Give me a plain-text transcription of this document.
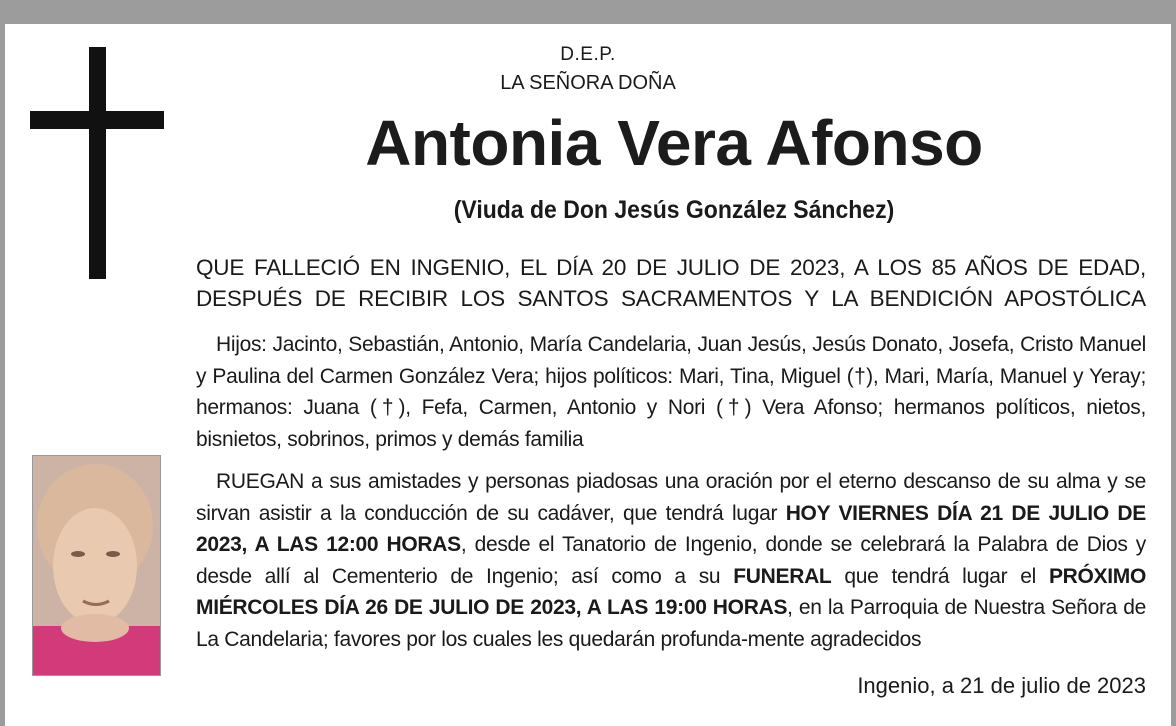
D.E.P.
LA SEÑORA DOÑA
Antonia Vera Afonso
(Viuda de Don Jesús González Sánchez)
QUE FALLECIÓ EN INGENIO, EL DÍA 20 DE JULIO DE 2023, A LOS 85 AÑOS DE EDAD,
DESPUÉS DE RECIBIR LOS SANTOS SACRAMENTOS Y LA BENDICIÓN APOSTÓLICA
Hijos: Jacinto, Sebastián, Antonio, María Candelaria, Juan Jesús, Jesús Donato, Josefa, Cristo Manuel y Paulina del Carmen González Vera; hijos políticos: Mari, Tina, Miguel (†), Mari, María, Manuel y Yeray; hermanos: Juana (†), Fefa, Carmen, Antonio y Nori (†) Vera Afonso; hermanos políticos, nietos, bisnietos, sobrinos, primos y demás familia
RUEGAN a sus amistades y personas piadosas una oración por el eterno descanso de su alma y se sirvan asistir a la conducción de su cadáver, que tendrá lugar HOY VIERNES DÍA 21 DE JULIO DE 2023, A LAS 12:00 HORAS, desde el Tanatorio de Ingenio, donde se celebrará la Palabra de Dios y desde allí al Cementerio de Ingenio; así como a su FUNERAL que tendrá lugar el PRÓXIMO MIÉRCOLES DÍA 26 DE JULIO DE 2023, A LAS 19:00 HORAS, en la Parroquia de Nuestra Señora de La Candelaria; favores por los cuales les quedarán profunda-mente agradecidos
Ingenio, a 21 de julio de 2023
